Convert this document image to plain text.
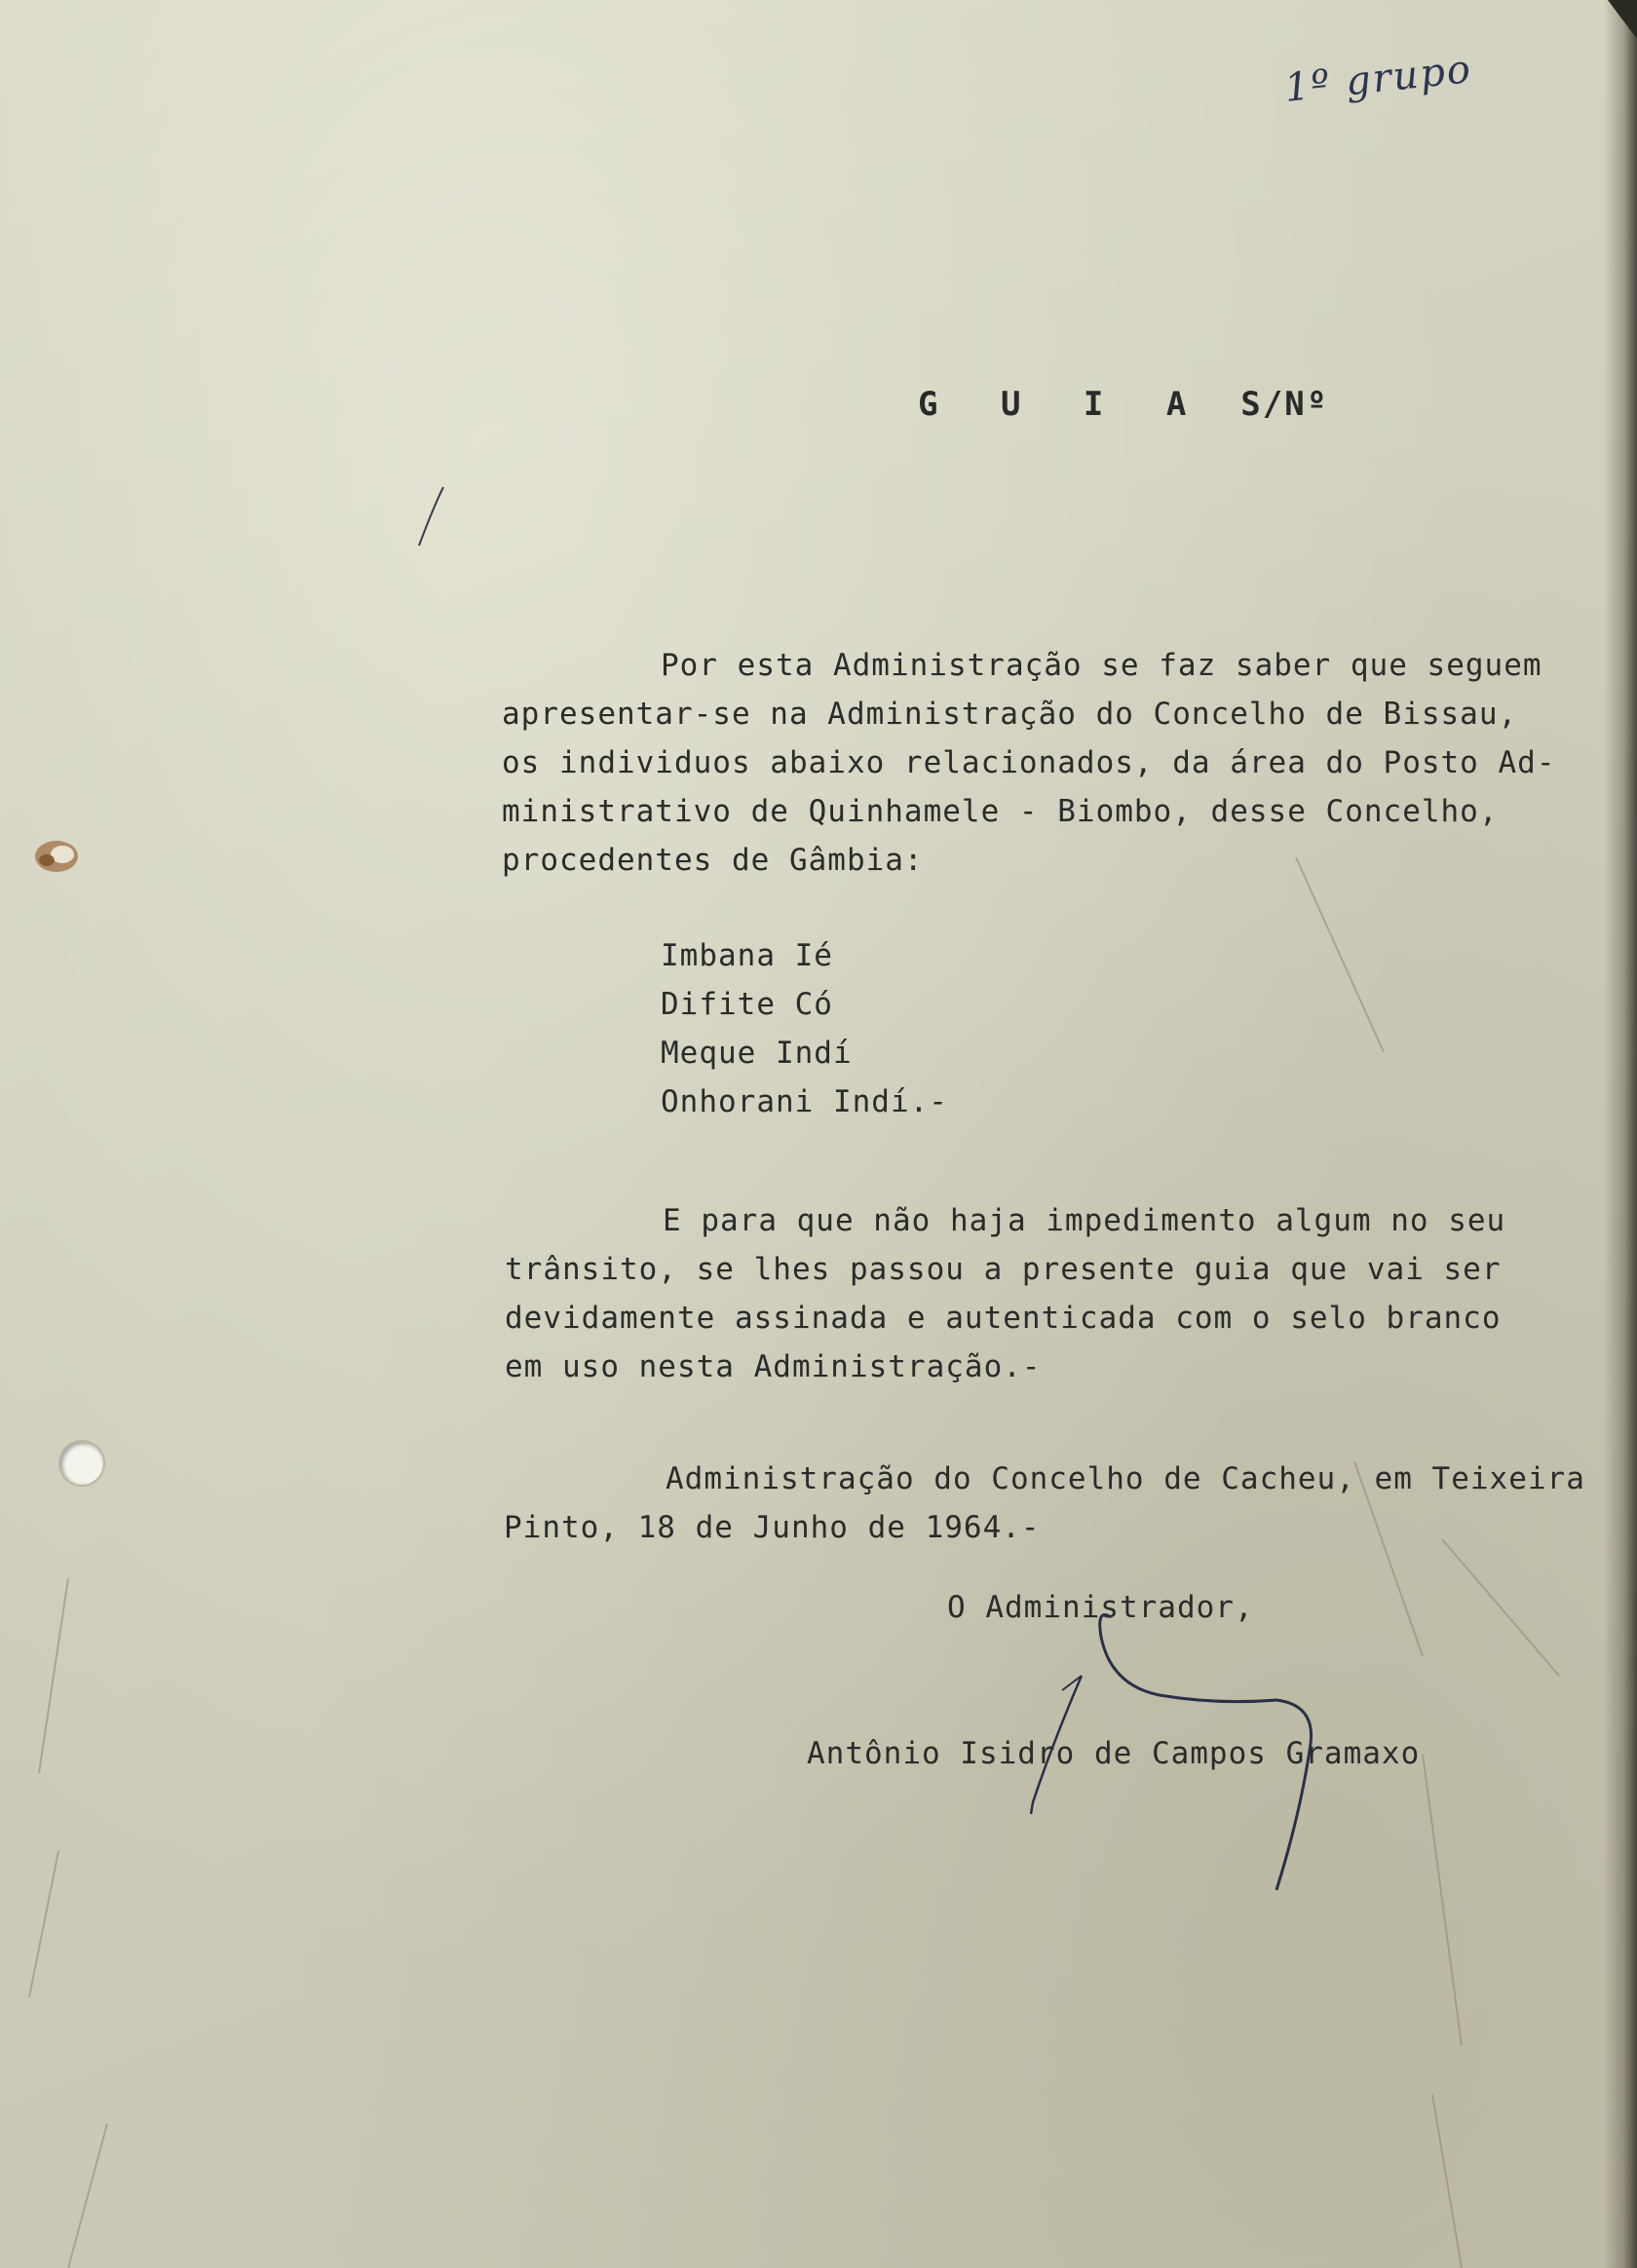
1º grupo
G U I A S/Nº
Por esta Administração se faz saber que seguem
apresentar-se na Administração do Concelho de Bissau,
os individuos abaixo relacionados, da área do Posto Ad-
ministrativo de Quinhamele - Biombo, desse Concelho,
procedentes de Gâmbia:
Imbana Ié
Difite Có
Meque Indí
Onhorani Indí.-
E para que não haja impedimento algum no seu
trânsito, se lhes passou a presente guia que vai ser
devidamente assinada e autenticada com o selo branco
em uso nesta Administração.-
Administração do Concelho de Cacheu, em Teixeira
Pinto, 18 de Junho de 1964.-
O Administrador,
Antônio Isidro de Campos Gramaxo
